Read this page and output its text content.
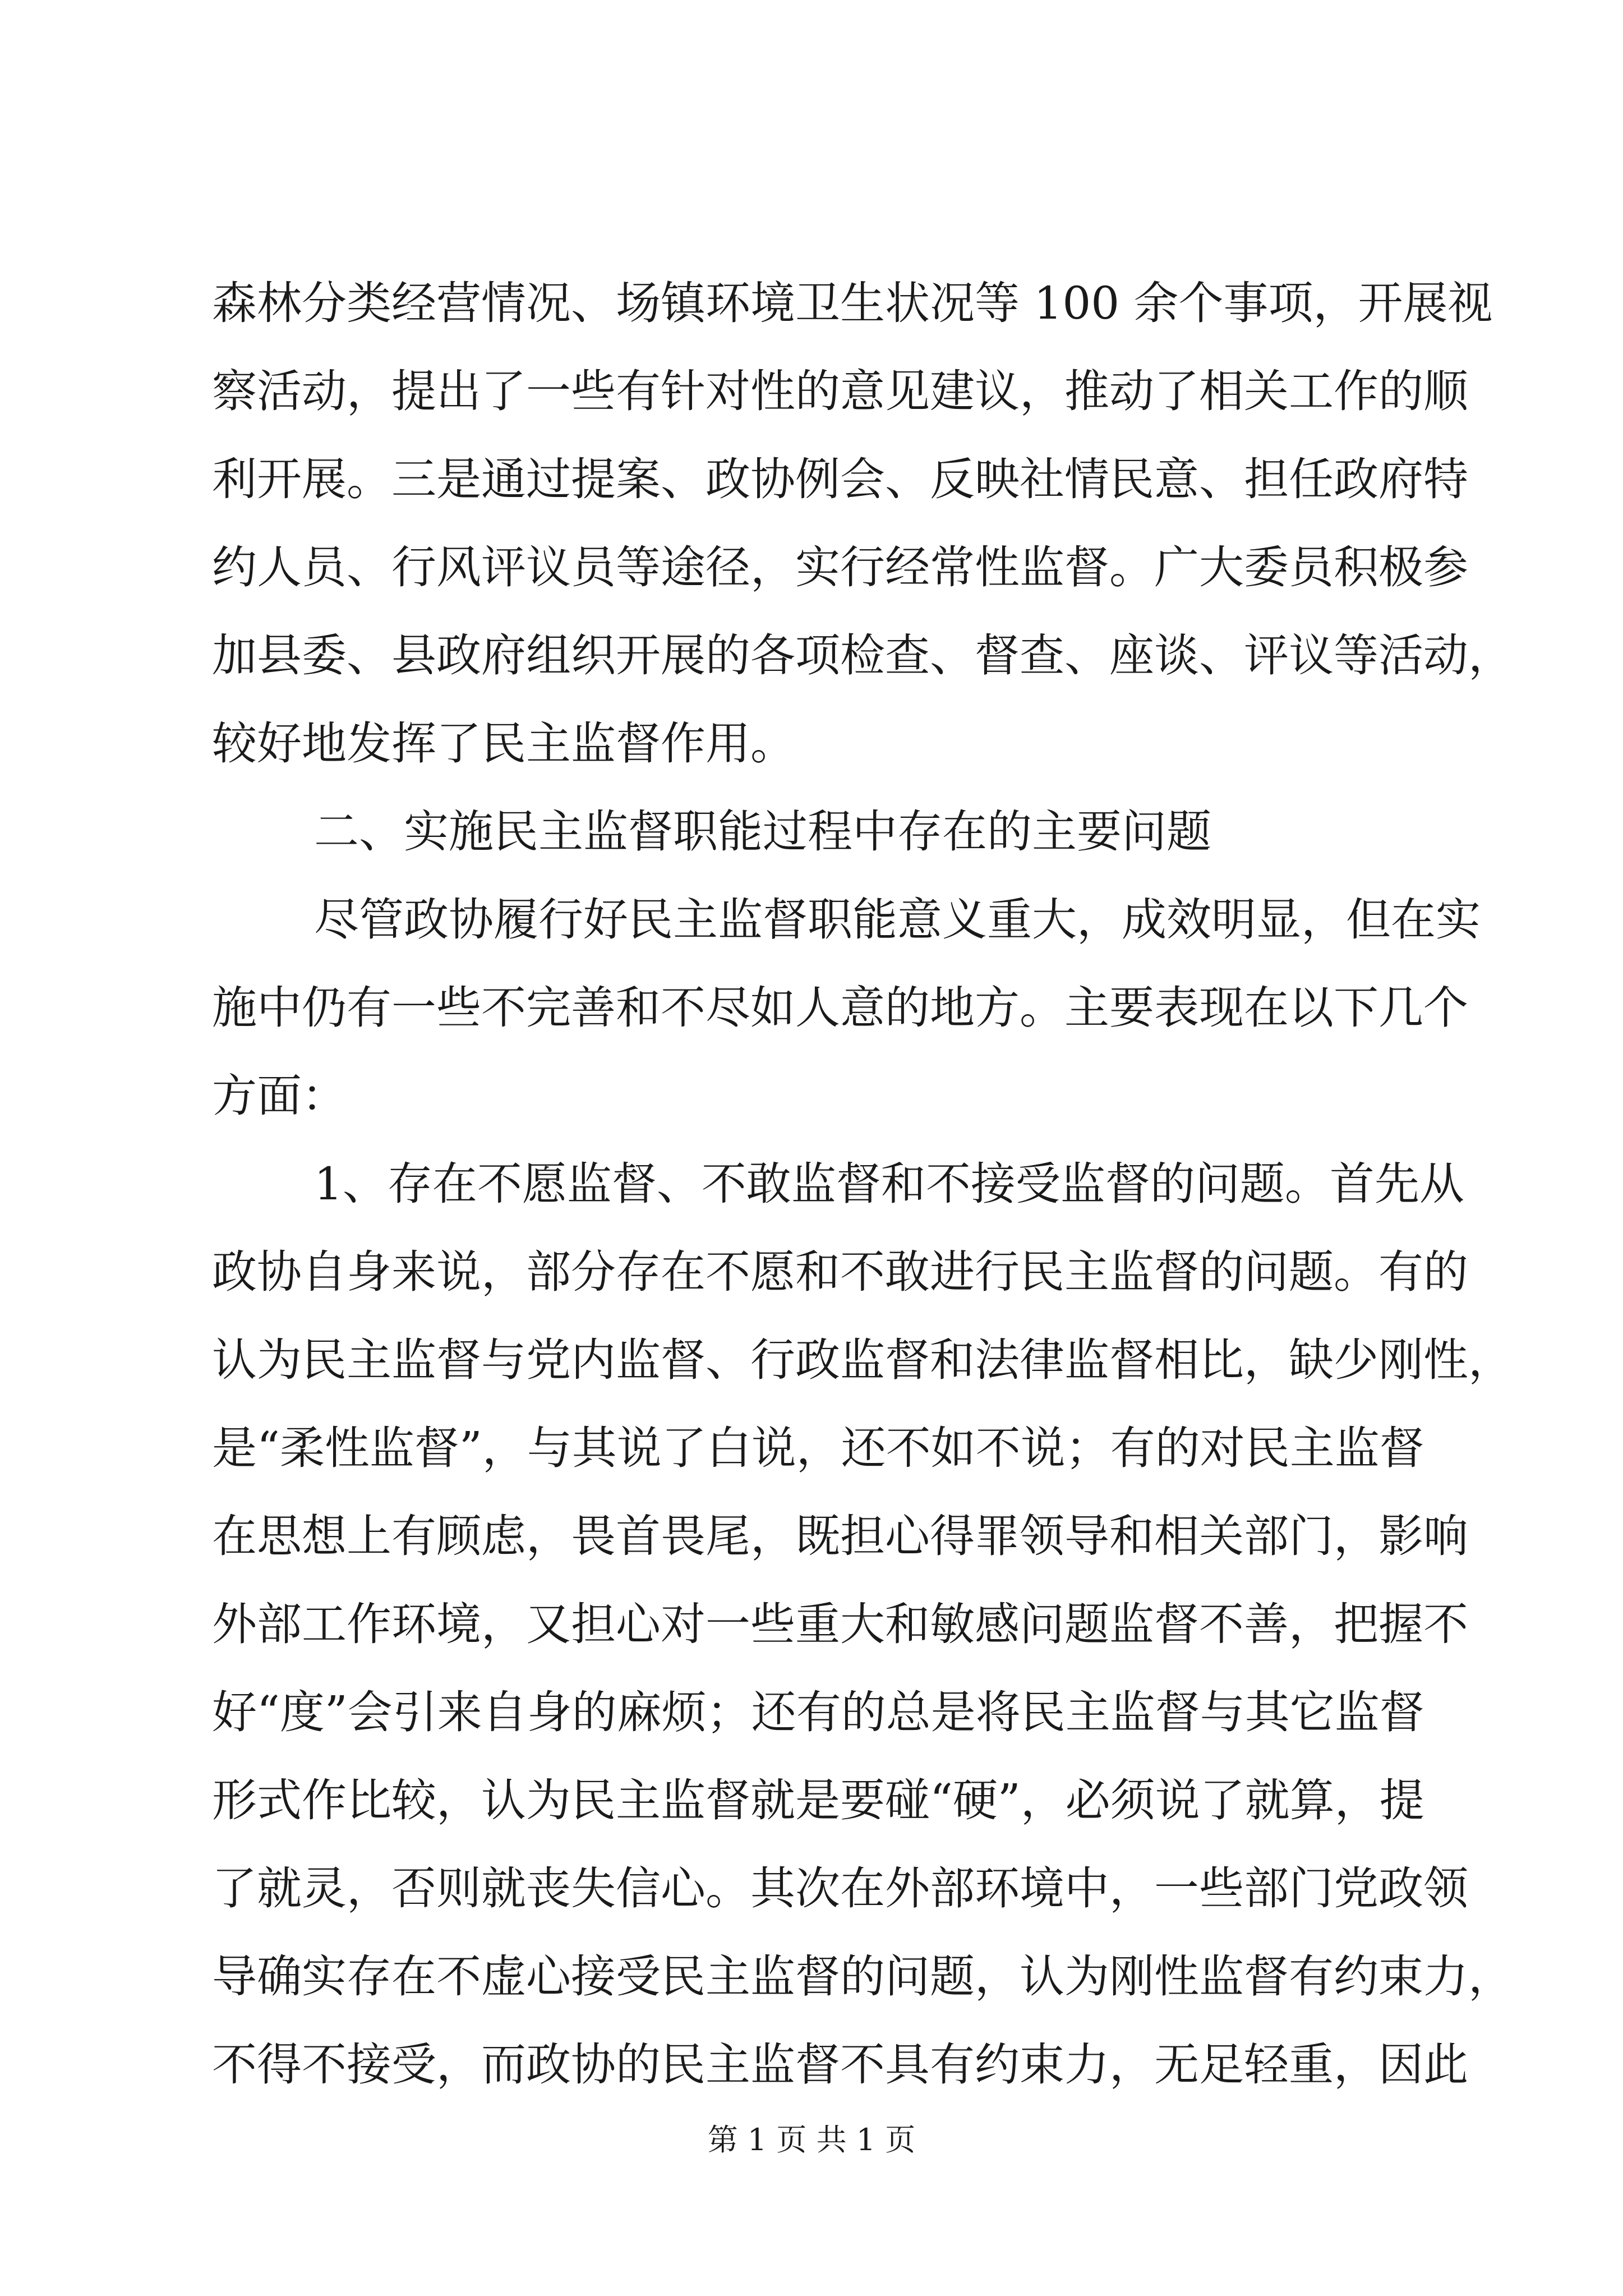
森林分类经营情况、场镇环境卫生状况等 100 余个事项，开展视
察活动，提出了一些有针对性的意见建议，推动了相关工作的顺
利开展。三是通过提案、政协例会、反映社情民意、担任政府特
约人员、行风评议员等途径，实行经常性监督。广大委员积极参
加县委、县政府组织开展的各项检查、督查、座谈、评议等活动，
较好地发挥了民主监督作用。
二、实施民主监督职能过程中存在的主要问题
尽管政协履行好民主监督职能意义重大，成效明显，但在实
施中仍有一些不完善和不尽如人意的地方。主要表现在以下几个
方面：
1、存在不愿监督、不敢监督和不接受监督的问题。首先从
政协自身来说，部分存在不愿和不敢进行民主监督的问题。有的
认为民主监督与党内监督、行政监督和法律监督相比，缺少刚性，
是“柔性监督”，与其说了白说，还不如不说；有的对民主监督
在思想上有顾虑，畏首畏尾，既担心得罪领导和相关部门，影响
外部工作环境，又担心对一些重大和敏感问题监督不善，把握不
好“度”会引来自身的麻烦；还有的总是将民主监督与其它监督
形式作比较，认为民主监督就是要碰“硬”，必须说了就算，提
了就灵，否则就丧失信心。其次在外部环境中，一些部门党政领
导确实存在不虚心接受民主监督的问题，认为刚性监督有约束力，
不得不接受，而政协的民主监督不具有约束力，无足轻重，因此
第 1 页 共 1 页
